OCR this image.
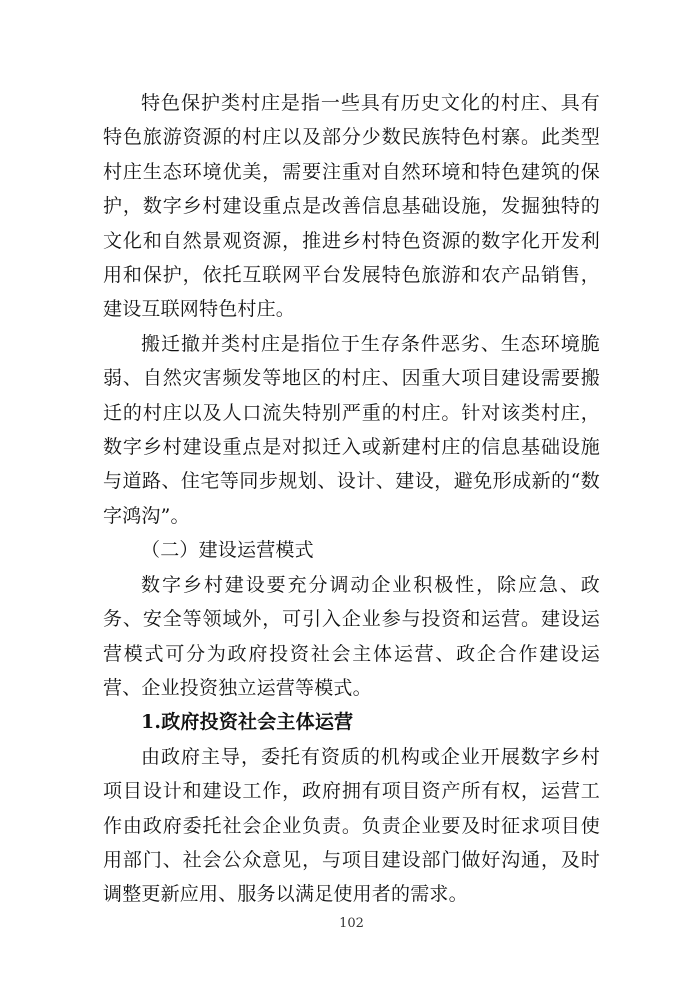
特色保护类村庄是指一些具有历史文化的村庄、具有特色旅游资源的村庄以及部分少数民族特色村寨。此类型村庄生态环境优美，需要注重对自然环境和特色建筑的保护，数字乡村建设重点是改善信息基础设施，发掘独特的文化和自然景观资源，推进乡村特色资源的数字化开发利用和保护，依托互联网平台发展特色旅游和农产品销售，建设互联网特色村庄。

搬迁撤并类村庄是指位于生存条件恶劣、生态环境脆弱、自然灾害频发等地区的村庄、因重大项目建设需要搬迁的村庄以及人口流失特别严重的村庄。针对该类村庄，数字乡村建设重点是对拟迁入或新建村庄的信息基础设施与道路、住宅等同步规划、设计、建设，避免形成新的“数字鸿沟”。

（二）建设运营模式

数字乡村建设要充分调动企业积极性，除应急、政务、安全等领域外，可引入企业参与投资和运营。建设运营模式可分为政府投资社会主体运营、政企合作建设运营、企业投资独立运营等模式。

1.政府投资社会主体运营

由政府主导，委托有资质的机构或企业开展数字乡村项目设计和建设工作，政府拥有项目资产所有权，运营工作由政府委托社会企业负责。负责企业要及时征求项目使用部门、社会公众意见，与项目建设部门做好沟通，及时调整更新应用、服务以满足使用者的需求。

102
